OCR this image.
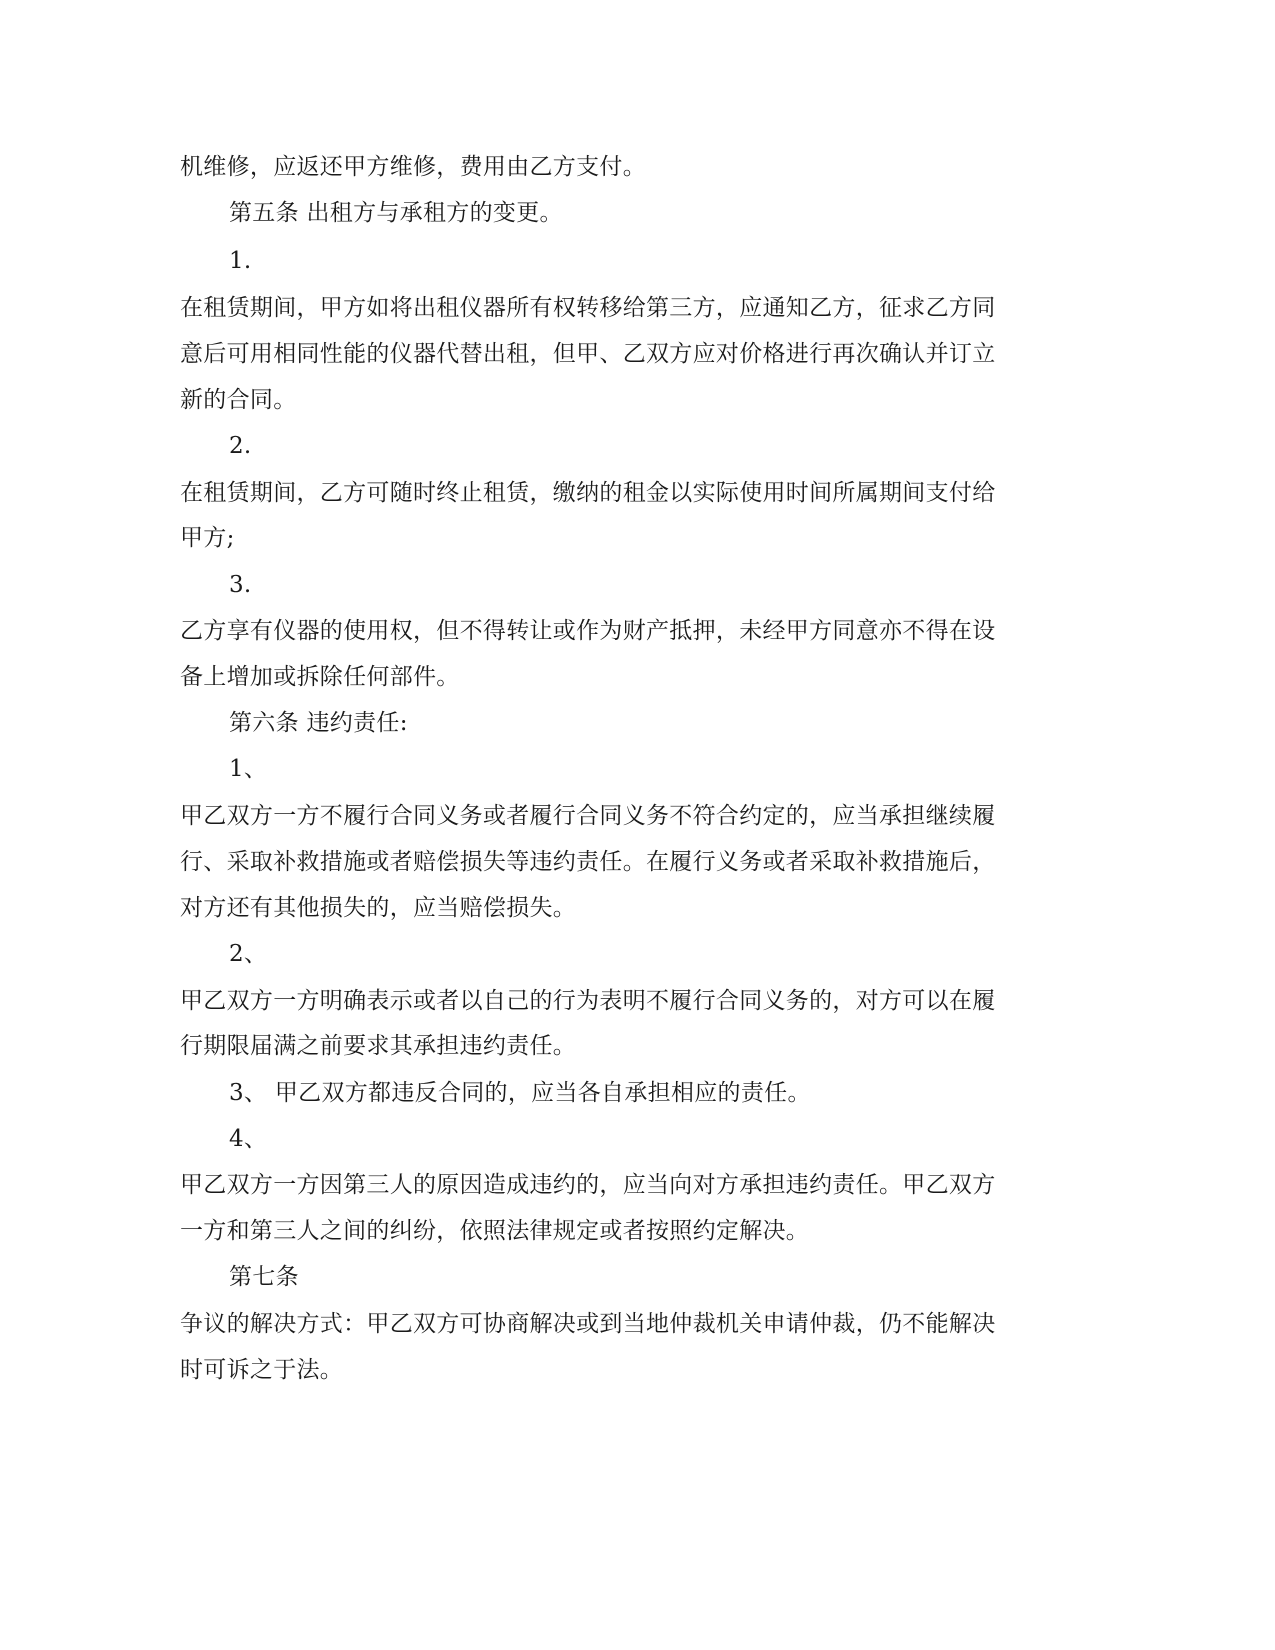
机维修，应返还甲方维修，费用由乙方支付。
第五条 出租方与承租方的变更。
1.
在租赁期间，甲方如将出租仪器所有权转移给第三方，应通知乙方，征求乙方同
意后可用相同性能的仪器代替出租，但甲、乙双方应对价格进行再次确认并订立
新的合同。
2.
在租赁期间，乙方可随时终止租赁，缴纳的租金以实际使用时间所属期间支付给
甲方;
3.
乙方享有仪器的使用权，但不得转让或作为财产抵押，未经甲方同意亦不得在设
备上增加或拆除任何部件。
第六条 违约责任:
1、
甲乙双方一方不履行合同义务或者履行合同义务不符合约定的，应当承担继续履
行、采取补救措施或者赔偿损失等违约责任。在履行义务或者采取补救措施后，
对方还有其他损失的，应当赔偿损失。
2、
甲乙双方一方明确表示或者以自己的行为表明不履行合同义务的，对方可以在履
行期限届满之前要求其承担违约责任。
3、 甲乙双方都违反合同的，应当各自承担相应的责任。
4、
甲乙双方一方因第三人的原因造成违约的，应当向对方承担违约责任。甲乙双方
一方和第三人之间的纠纷，依照法律规定或者按照约定解决。
第七条
争议的解决方式：甲乙双方可协商解决或到当地仲裁机关申请仲裁，仍不能解决
时可诉之于法。
